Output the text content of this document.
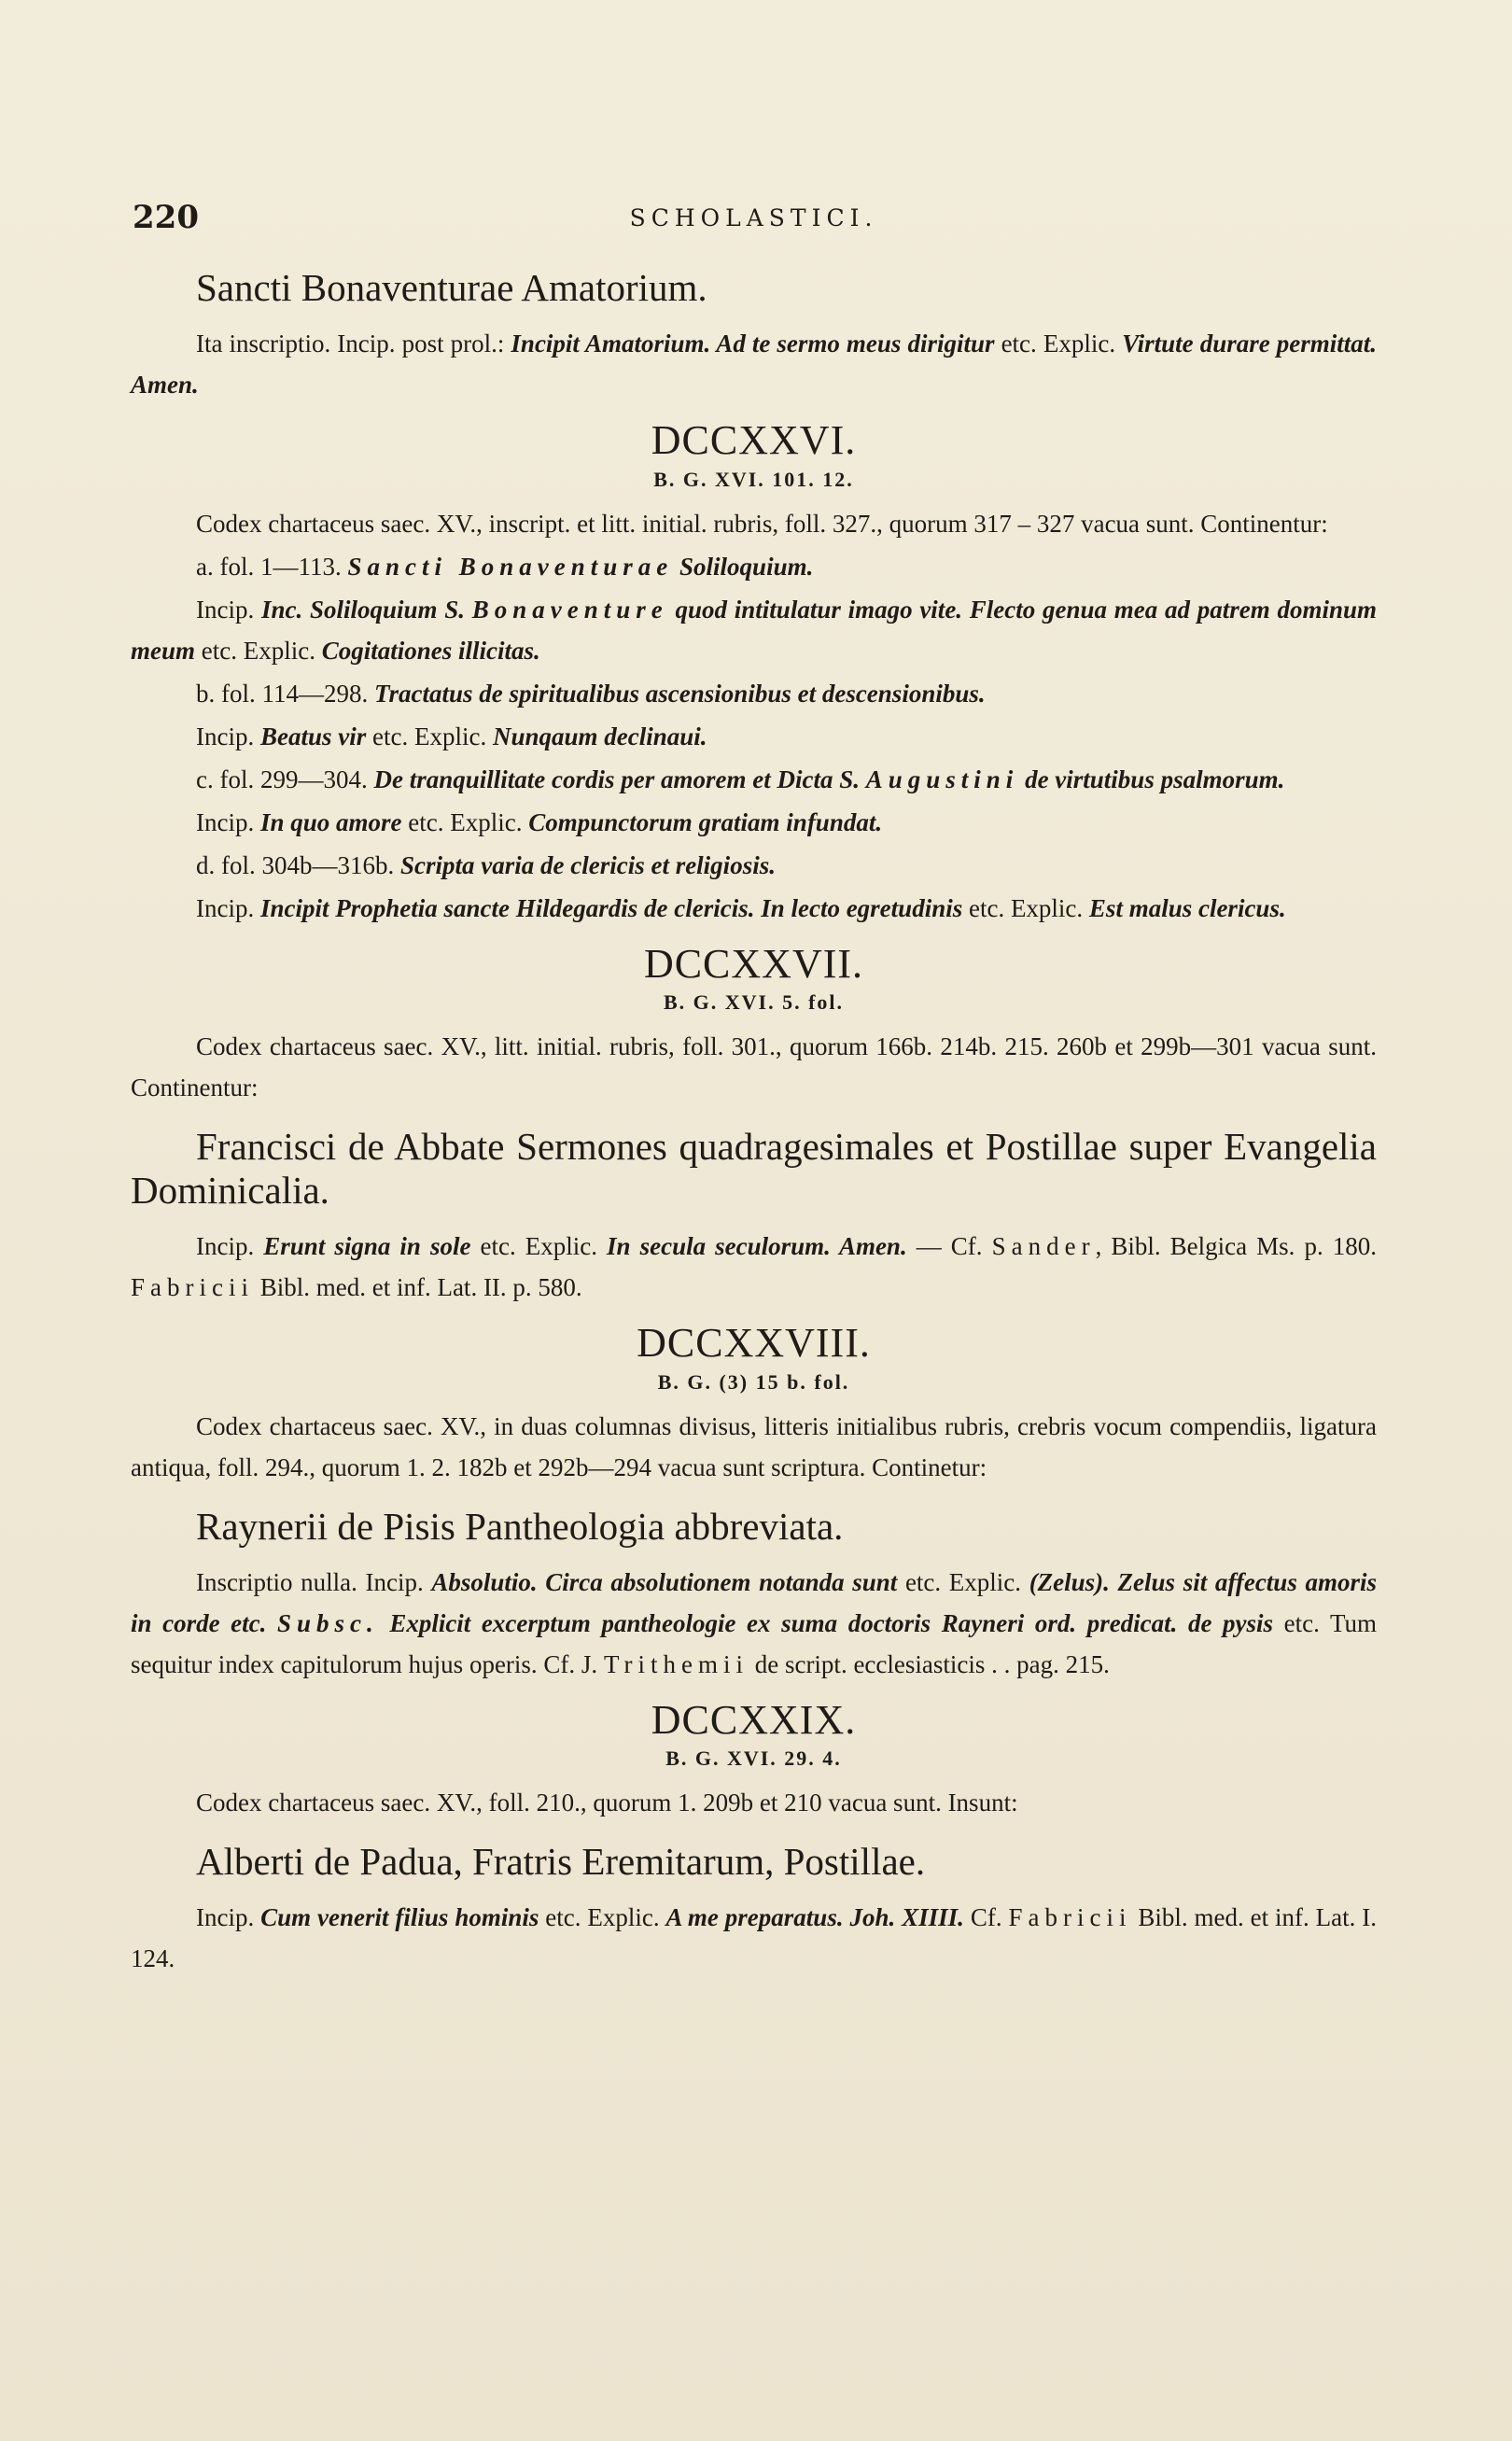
220	SCHOLASTICI.
Sancti Bonaventurae Amatorium.

Ita inscriptio. Incip. post prol.: Incipit Amatorium. Ad te sermo meus dirigitur etc. Explic. Virtute durare permittat. Amen.

DCCXXVI.
B. G. XVI. 101. 12.

Codex chartaceus saec. XV., inscript. et litt. initial. rubris, foll. 327., quorum 317 – 327 vacua sunt. Continentur:

a. fol. 1—113. Sancti Bonaventurae Soliloquium.

Incip. Inc. Soliloquium S. Bonaventure quod intitulatur imago vite. Flecto genua mea ad patrem dominum meum etc. Explic. Cogitationes illicitas.

b. fol. 114—298. Tractatus de spiritualibus ascensionibus et descensionibus.

Incip. Beatus vir etc. Explic. Nunqaum declinaui.

c. fol. 299—304. De tranquillitate cordis per amorem et Dicta S. Augustini de virtutibus psalmorum.

Incip. In quo amore etc. Explic. Compunctorum gratiam infundat.

d. fol. 304b—316b. Scripta varia de clericis et religiosis.

Incip. Incipit Prophetia sancte Hildegardis de clericis. In lecto egretudinis etc. Explic. Est malus clericus.

DCCXXVII.
B. G. XVI. 5. fol.

Codex chartaceus saec. XV., litt. initial. rubris, foll. 301., quorum 166b. 214b. 215. 260b et 299b—301 vacua sunt. Continentur:

Francisci de Abbate Sermones quadragesimales et Postillae super Evangelia Dominicalia.

Incip. Erunt signa in sole etc. Explic. In secula seculorum. Amen. — Cf. Sander, Bibl. Belgica Ms. p. 180. Fabricii Bibl. med. et inf. Lat. II. p. 580.

DCCXXVIII.
B. G. (3) 15 b. fol.

Codex chartaceus saec. XV., in duas columnas divisus, litteris initialibus rubris, crebris vocum compendiis, ligatura antiqua, foll. 294., quorum 1. 2. 182b et 292b—294 vacua sunt scriptura. Continetur:

Raynerii de Pisis Pantheologia abbreviata.

Inscriptio nulla. Incip. Absolutio. Circa absolutionem notanda sunt etc. Explic. (Zelus). Zelus sit affectus amoris in corde etc. Subsc. Explicit excerptum pantheologie ex suma doctoris Rayneri ord. predicat. de pysis etc. Tum sequitur index capitulorum hujus operis. Cf. J. Trithemii de script. ecclesiasticis . . pag. 215.

DCCXXIX.
B. G. XVI. 29. 4.

Codex chartaceus saec. XV., foll. 210., quorum 1. 209b et 210 vacua sunt. Insunt:

Alberti de Padua, Fratris Eremitarum, Postillae.

Incip. Cum venerit filius hominis etc. Explic. A me preparatus. Joh. XIIII. Cf. Fabricii Bibl. med. et inf. Lat. I. 124.
